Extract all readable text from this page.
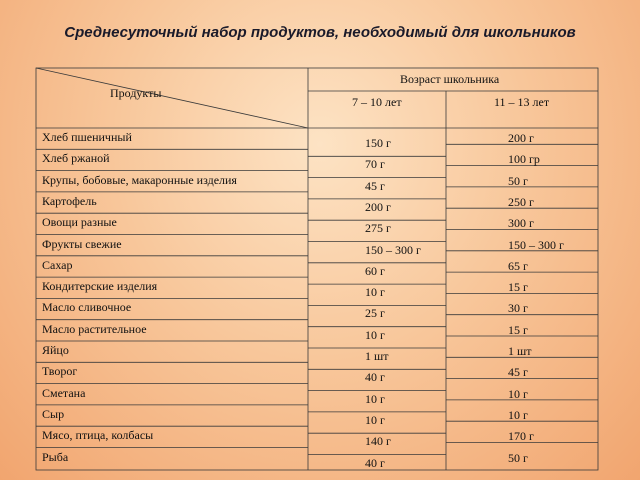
Среднесуточный набор продуктов, необходимый для школьников
Продукты
Возраст школьника
7 – 10 лет	11 – 13 лет
Хлеб пшеничный	150 г	200 г
Хлеб ржаной	70 г	100 гр
Крупы, бобовые, макаронные изделия	45 г	50 г
Картофель	200 г	250 г
Овощи разные	275 г	300 г
Фрукты свежие	150 – 300 г	150 – 300 г
Сахар	60 г	65 г
Кондитерские изделия	10 г	15 г
Масло сливочное	25 г	30 г
Масло растительное	10 г	15 г
Яйцо	1 шт	1 шт
Творог	40 г	45 г
Сметана	10 г	10 г
Сыр	10 г	10 г
Мясо, птица, колбасы	140 г	170 г
Рыба	40 г	50 г
